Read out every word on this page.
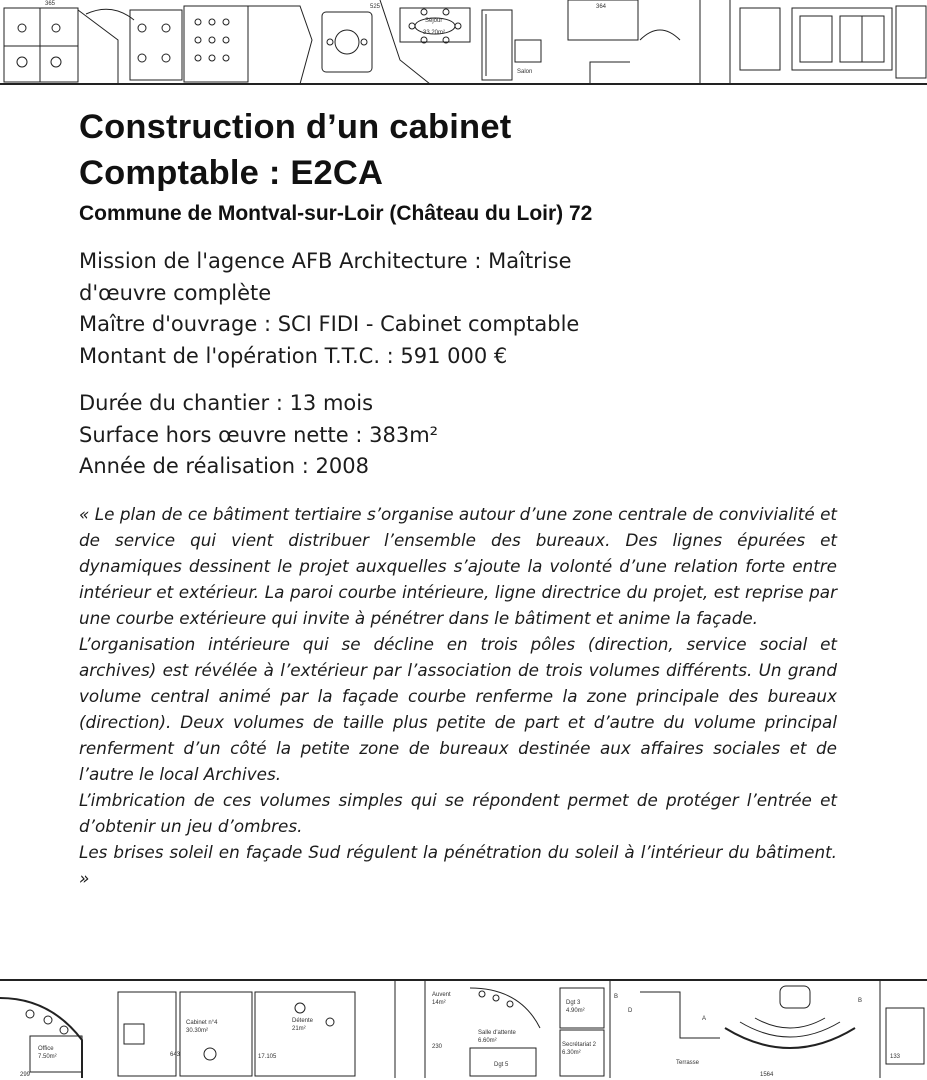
Séjour
33.20m²
Salon
365	525	364
Construction d’un cabinet
Comptable : E2CA
Commune de Montval-sur-Loir (Château du Loir) 72
Mission de l'agence AFB Architecture : Maîtrise
d'œuvre complète
Maître d'ouvrage : SCI FIDI - Cabinet comptable
Montant de l'opération T.T.C. : 591 000 €
Durée du chantier : 13 mois
Surface hors œuvre nette : 383m²
Année de réalisation : 2008

« Le plan de ce bâtiment tertiaire s’organise autour d’une zone centrale de convivialité et de service qui vient distribuer l’ensemble des bureaux. Des lignes épurées et dynamiques dessinent le projet auxquelles s’ajoute la volonté d’une relation forte entre intérieur et extérieur. La paroi courbe intérieure, ligne directrice du projet, est reprise par une courbe extérieure qui invite à pénétrer dans le bâtiment et anime la façade.

L’organisation intérieure qui se décline en trois pôles (direction, service social et archives) est révélée à l’extérieur par l’association de trois volumes différents. Un grand volume central animé par la façade courbe renferme la zone principale des bureaux (direction). Deux volumes de taille plus petite de part et d’autre du volume principal renferment d’un côté la petite zone de bureaux destinée aux affaires sociales et de l’autre le local Archives.

L’imbrication de ces volumes simples qui se répondent permet de protéger l’entrée et d’obtenir un jeu d’ombres.

Les brises soleil en façade Sud régulent la pénétration du soleil à l’intérieur du bâtiment. »

Office
7.50m²
299
Cabinet n°4
30.30m²
643
Détente
21m²
17.105
Auvent
14m²
230
Salle d'attente
6.60m²
Dgt 5
Dgt 3
4.90m²
Secrétariat 2
6.30m²
B
D
Terrasse
A
1564
B
133
